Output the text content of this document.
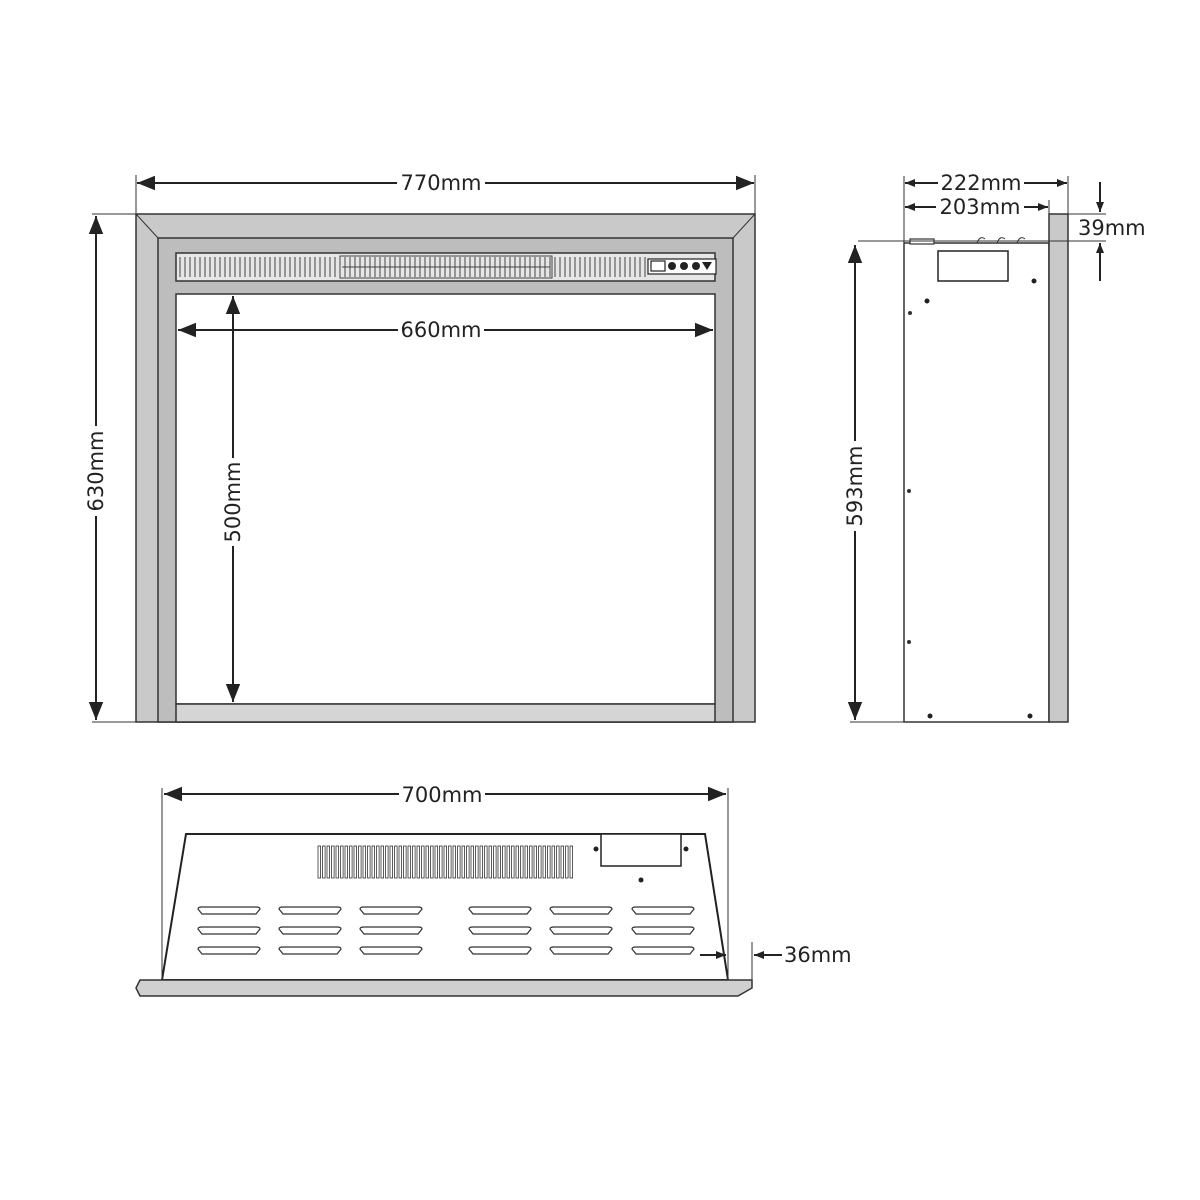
770mm
630mm
660mm
500mm
222mm
203mm
39mm
593mm
700mm
36mm
